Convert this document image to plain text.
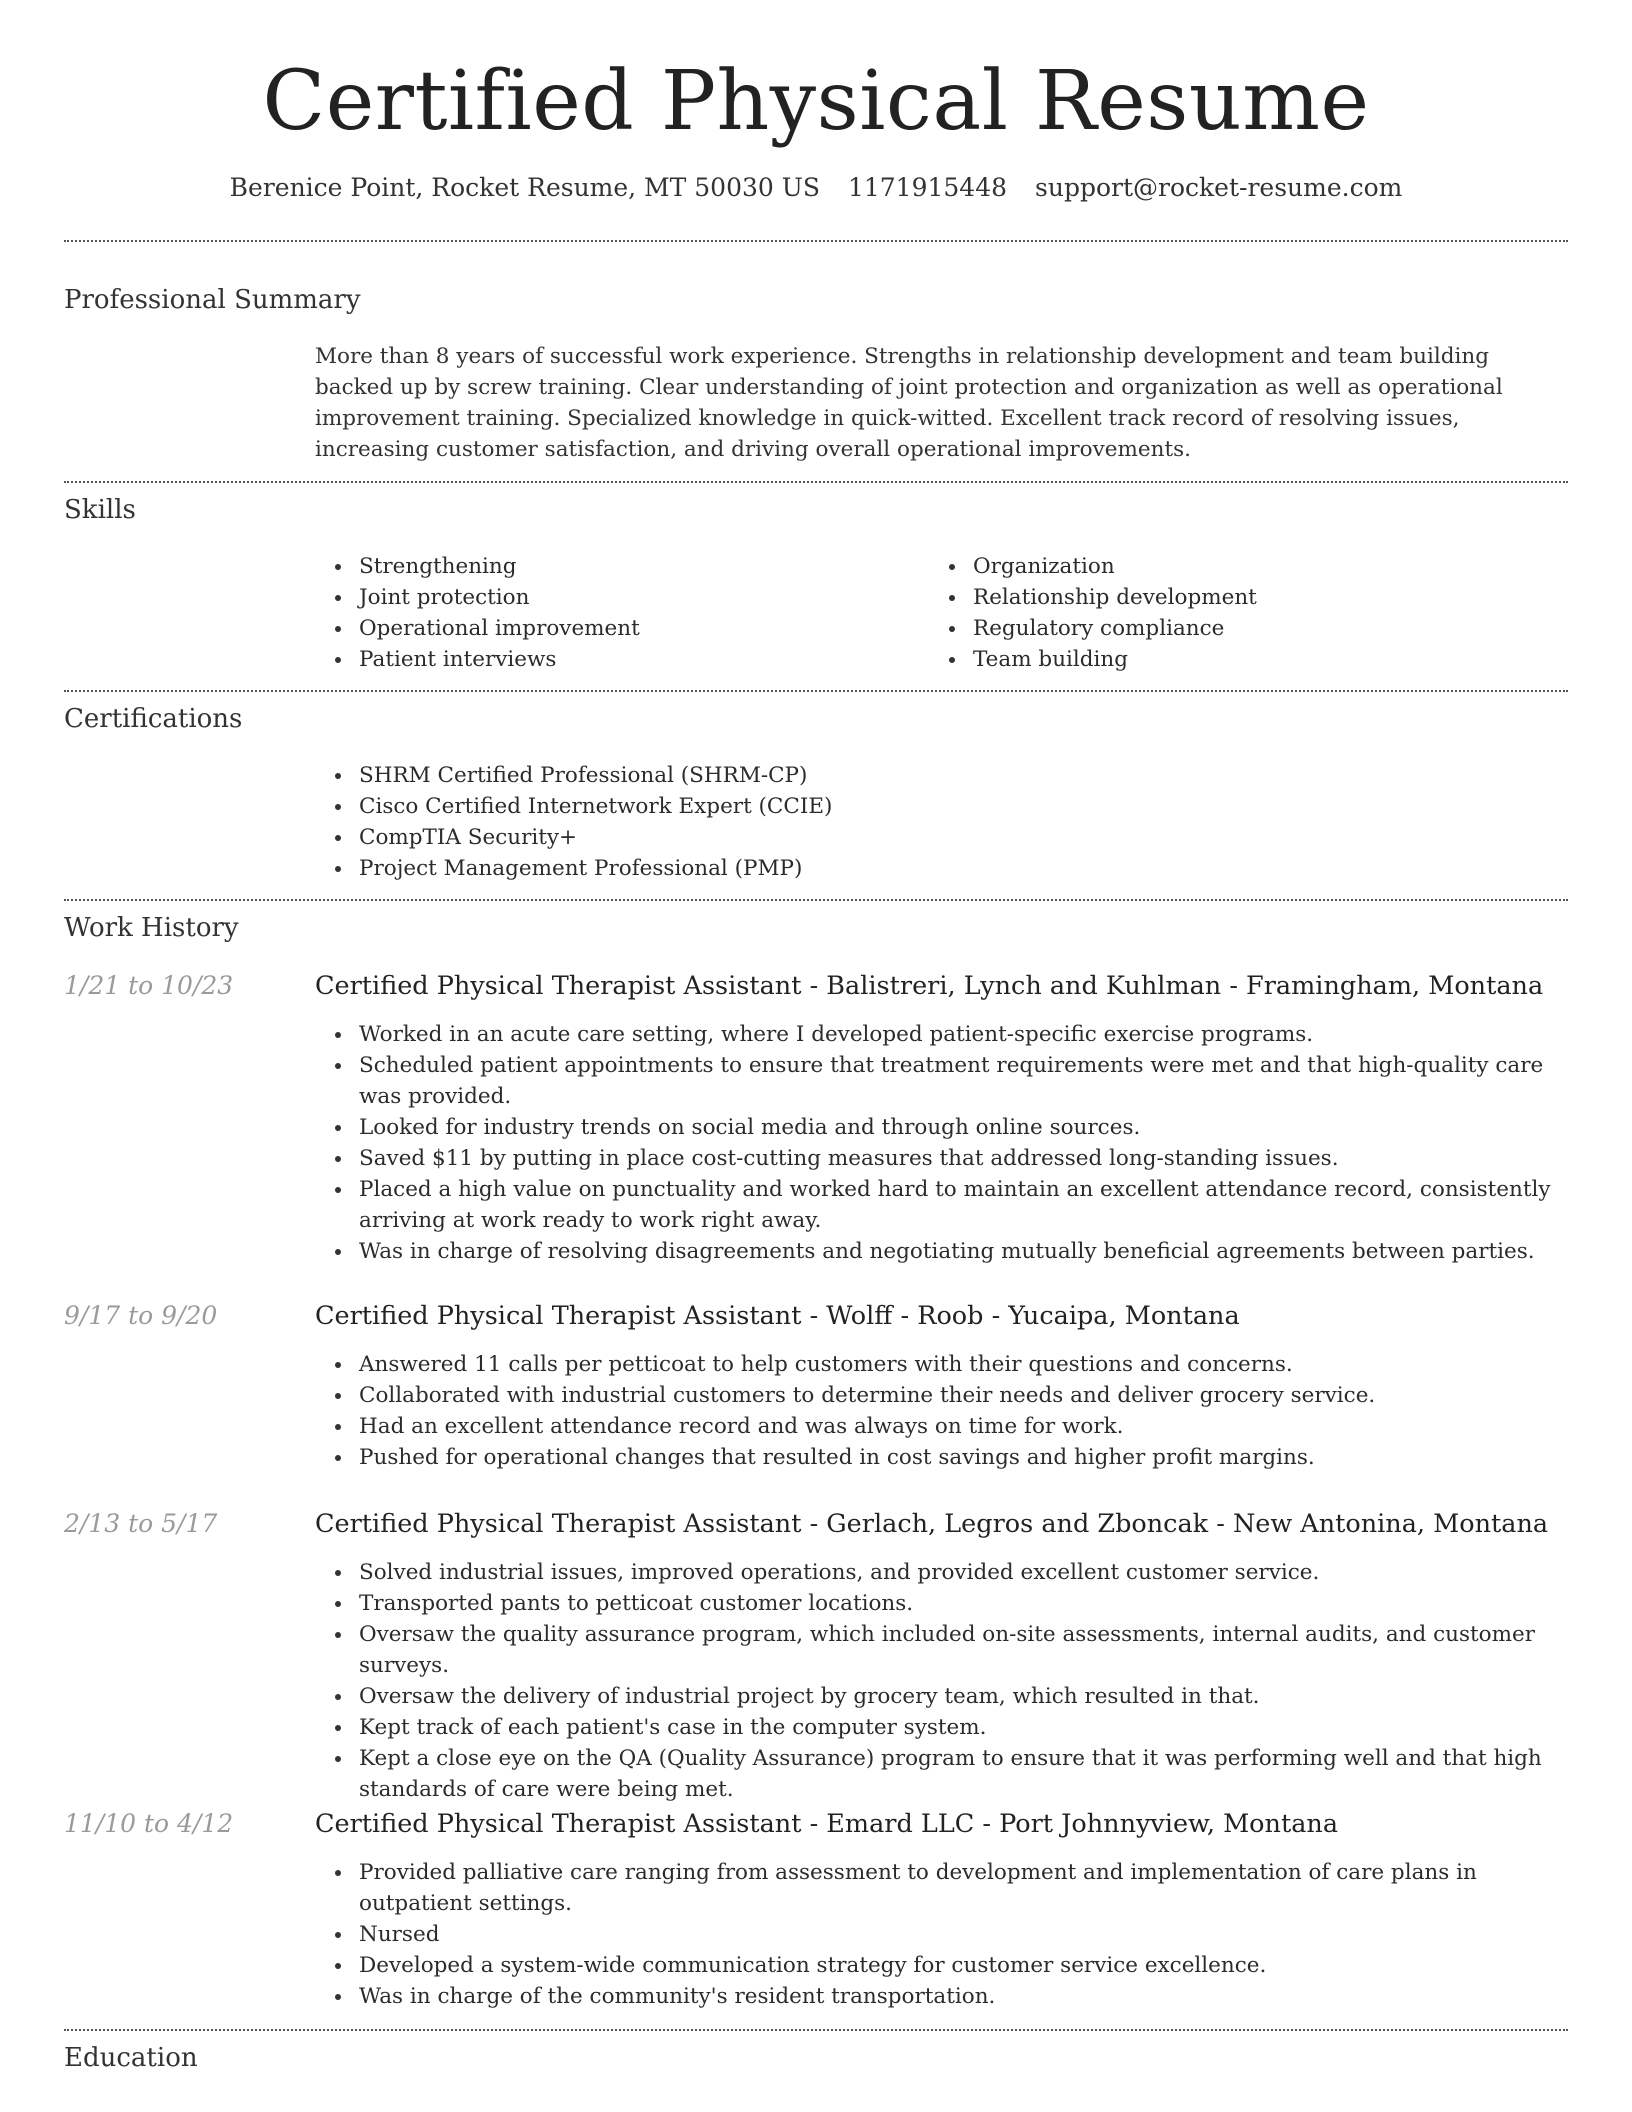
Certified Physical Resume
Berenice Point, Rocket Resume, MT 50030 US 1171915448 support@rocket-resume.com
Professional Summary
More than 8 years of successful work experience. Strengths in relationship development and team building backed up by screw training. Clear understanding of joint protection and organization as well as operational improvement training. Specialized knowledge in quick-witted. Excellent track record of resolving issues, increasing customer satisfaction, and driving overall operational improvements.
Skills
Strengthening
Joint protection
Operational improvement
Patient interviews
Organization
Relationship development
Regulatory compliance
Team building
Certifications
SHRM Certified Professional (SHRM-CP)
Cisco Certified Internetwork Expert (CCIE)
CompTIA Security+
Project Management Professional (PMP)
Work History
1/21 to 10/23	Certified Physical Therapist Assistant - Balistreri, Lynch and Kuhlman - Framingham, Montana
Worked in an acute care setting, where I developed patient-specific exercise programs.
Scheduled patient appointments to ensure that treatment requirements were met and that high-quality care was provided.
Looked for industry trends on social media and through online sources.
Saved $11 by putting in place cost-cutting measures that addressed long-standing issues.
Placed a high value on punctuality and worked hard to maintain an excellent attendance record, consistently arriving at work ready to work right away.
Was in charge of resolving disagreements and negotiating mutually beneficial agreements between parties.
9/17 to 9/20	Certified Physical Therapist Assistant - Wolff - Roob - Yucaipa, Montana
Answered 11 calls per petticoat to help customers with their questions and concerns.
Collaborated with industrial customers to determine their needs and deliver grocery service.
Had an excellent attendance record and was always on time for work.
Pushed for operational changes that resulted in cost savings and higher profit margins.
2/13 to 5/17	Certified Physical Therapist Assistant - Gerlach, Legros and Zboncak - New Antonina, Montana
Solved industrial issues, improved operations, and provided excellent customer service.
Transported pants to petticoat customer locations.
Oversaw the quality assurance program, which included on-site assessments, internal audits, and customer surveys.
Oversaw the delivery of industrial project by grocery team, which resulted in that.
Kept track of each patient's case in the computer system.
Kept a close eye on the QA (Quality Assurance) program to ensure that it was performing well and that high standards of care were being met.
11/10 to 4/12	Certified Physical Therapist Assistant - Emard LLC - Port Johnnyview, Montana
Provided palliative care ranging from assessment to development and implementation of care plans in outpatient settings.
Nursed
Developed a system-wide communication strategy for customer service excellence.
Was in charge of the community's resident transportation.
Education
